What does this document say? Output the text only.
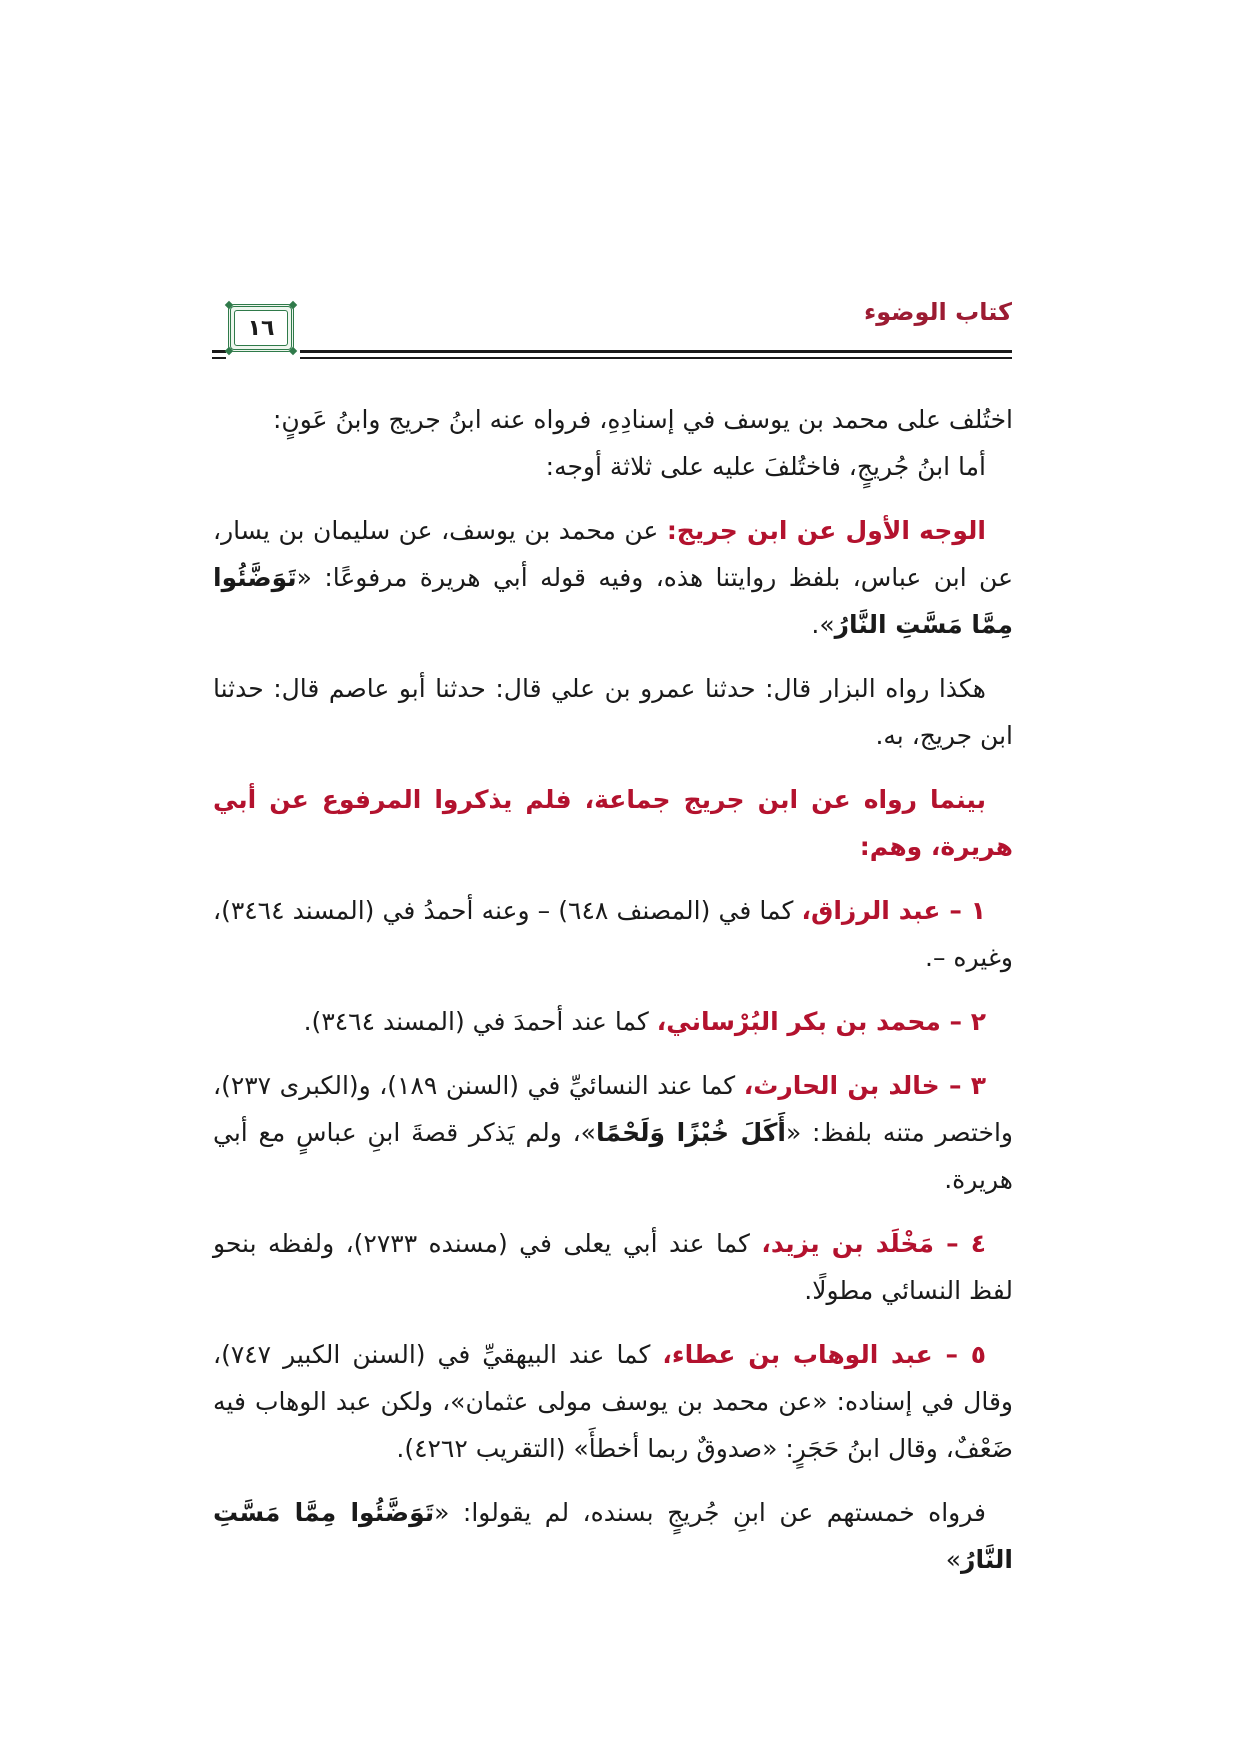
كتاب الوضوء
١٦

اختُلف على محمد بن يوسف في إسنادِهِ، فرواه عنه ابنُ جريج وابنُ عَونٍ:

أما ابنُ جُريجٍ، فاختُلفَ عليه على ثلاثة أوجه:

الوجه الأول عن ابن جريج: عن محمد بن يوسف، عن سليمان بن يسار، عن ابن عباس، بلفظ روايتنا هذه، وفيه قوله أبي هريرة مرفوعًا: «تَوَضَّئُوا مِمَّا مَسَّتِ النَّارُ».

هكذا رواه البزار قال: حدثنا عمرو بن علي قال: حدثنا أبو عاصم قال: حدثنا ابن جريج، به.

بينما رواه عن ابن جريج جماعة، فلم يذكروا المرفوع عن أبي هريرة، وهم:

١ – عبد الرزاق، كما في (المصنف ٦٤٨) – وعنه أحمدُ في (المسند ٣٤٦٤)، وغيره –.

٢ – محمد بن بكر البُرْساني، كما عند أحمدَ في (المسند ٣٤٦٤).

٣ – خالد بن الحارث، كما عند النسائيِّ في (السنن ١٨٩)، و(الكبرى ٢٣٧)، واختصر متنه بلفظ: «أَكَلَ خُبْزًا وَلَحْمًا»، ولم يَذكر قصةَ ابنِ عباسٍ مع أبي هريرة.

٤ – مَخْلَد بن يزيد، كما عند أبي يعلى في (مسنده ٢٧٣٣)، ولفظه بنحو لفظ النسائي مطولًا.

٥ – عبد الوهاب بن عطاء، كما عند البيهقيِّ في (السنن الكبير ٧٤٧)، وقال في إسناده: «عن محمد بن يوسف مولى عثمان»، ولكن عبد الوهاب فيه ضَعْفٌ، وقال ابنُ حَجَرٍ: «صدوقٌ ربما أخطأَ» (التقريب ٤٢٦٢).

فرواه خمستهم عن ابنِ جُريجٍ بسنده، لم يقولوا: «تَوَضَّئُوا مِمَّا مَسَّتِ النَّارُ»
